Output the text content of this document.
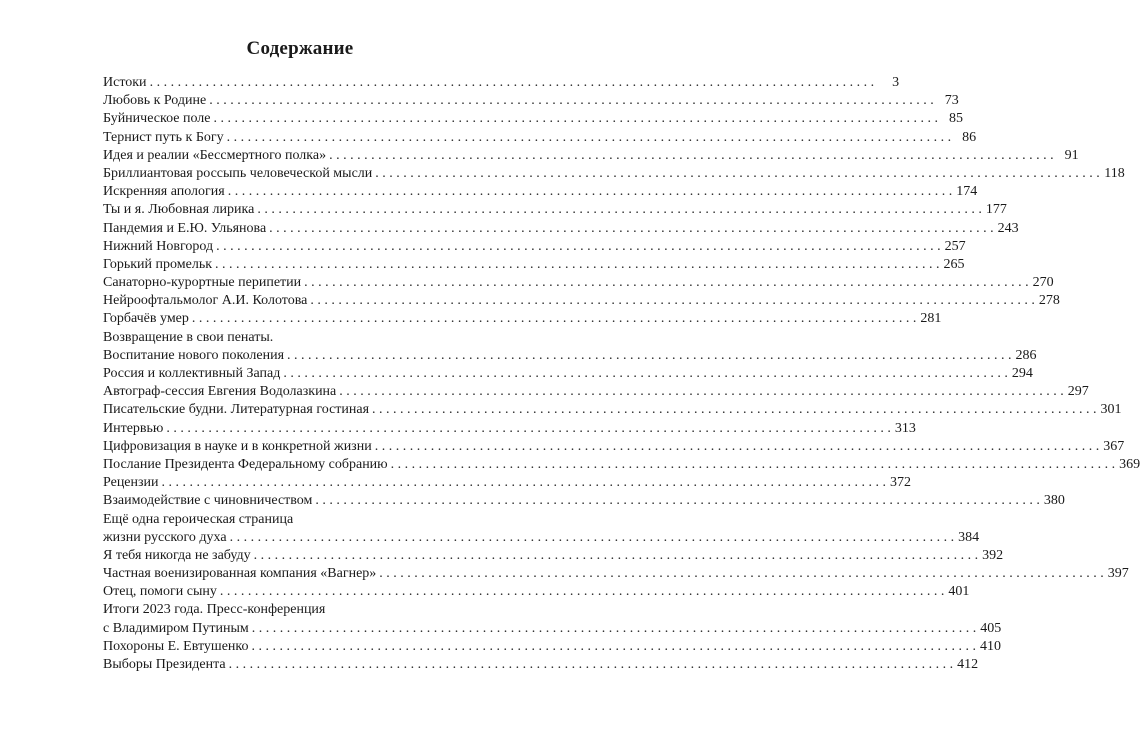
Содержание
Истоки . . .	3
Любовь к Родине . . .	73
Буйническое поле . . .	85
Тернист путь к Богу . . .	86
Идея и реалии «Бессмертного полка» . . .	91
Бриллиантовая россыпь человеческой мысли . . .	118
Искренняя апология . . .	174
Ты и я. Любовная лирика . . .	177
Пандемия и Е.Ю. Ульянова . . .	243
Нижний Новгород . . .	257
Горький промельк . . .	265
Санаторно-курортные перипетии . . .	270
Нейроофтальмолог А.И. Колотова . . .	278
Горбачёв умер . . .	281
Возвращение в свои пенаты.
Воспитание нового поколения . . .	286
Россия и коллективный Запад . . .	294
Автограф-сессия Евгения Водолазкина . . .	297
Писательские будни. Литературная гостиная . . .	301
Интервью . . .	313
Цифровизация в науке и в конкретной жизни . . .	367
Послание Президента Федеральному собранию . . .	369
Рецензии . . .	372
Взаимодействие с чиновничеством . . .	380
Ещё одна героическая страница
жизни русского духа . . .	384
Я тебя никогда не забуду . . .	392
Частная военизированная компания «Вагнер» . . .	397
Отец, помоги сыну . . .	401
Итоги 2023 года. Пресс-конференция
с Владимиром Путиным . . .	405
Похороны Е. Евтушенко . . .	410
Выборы Президента . . .	412
